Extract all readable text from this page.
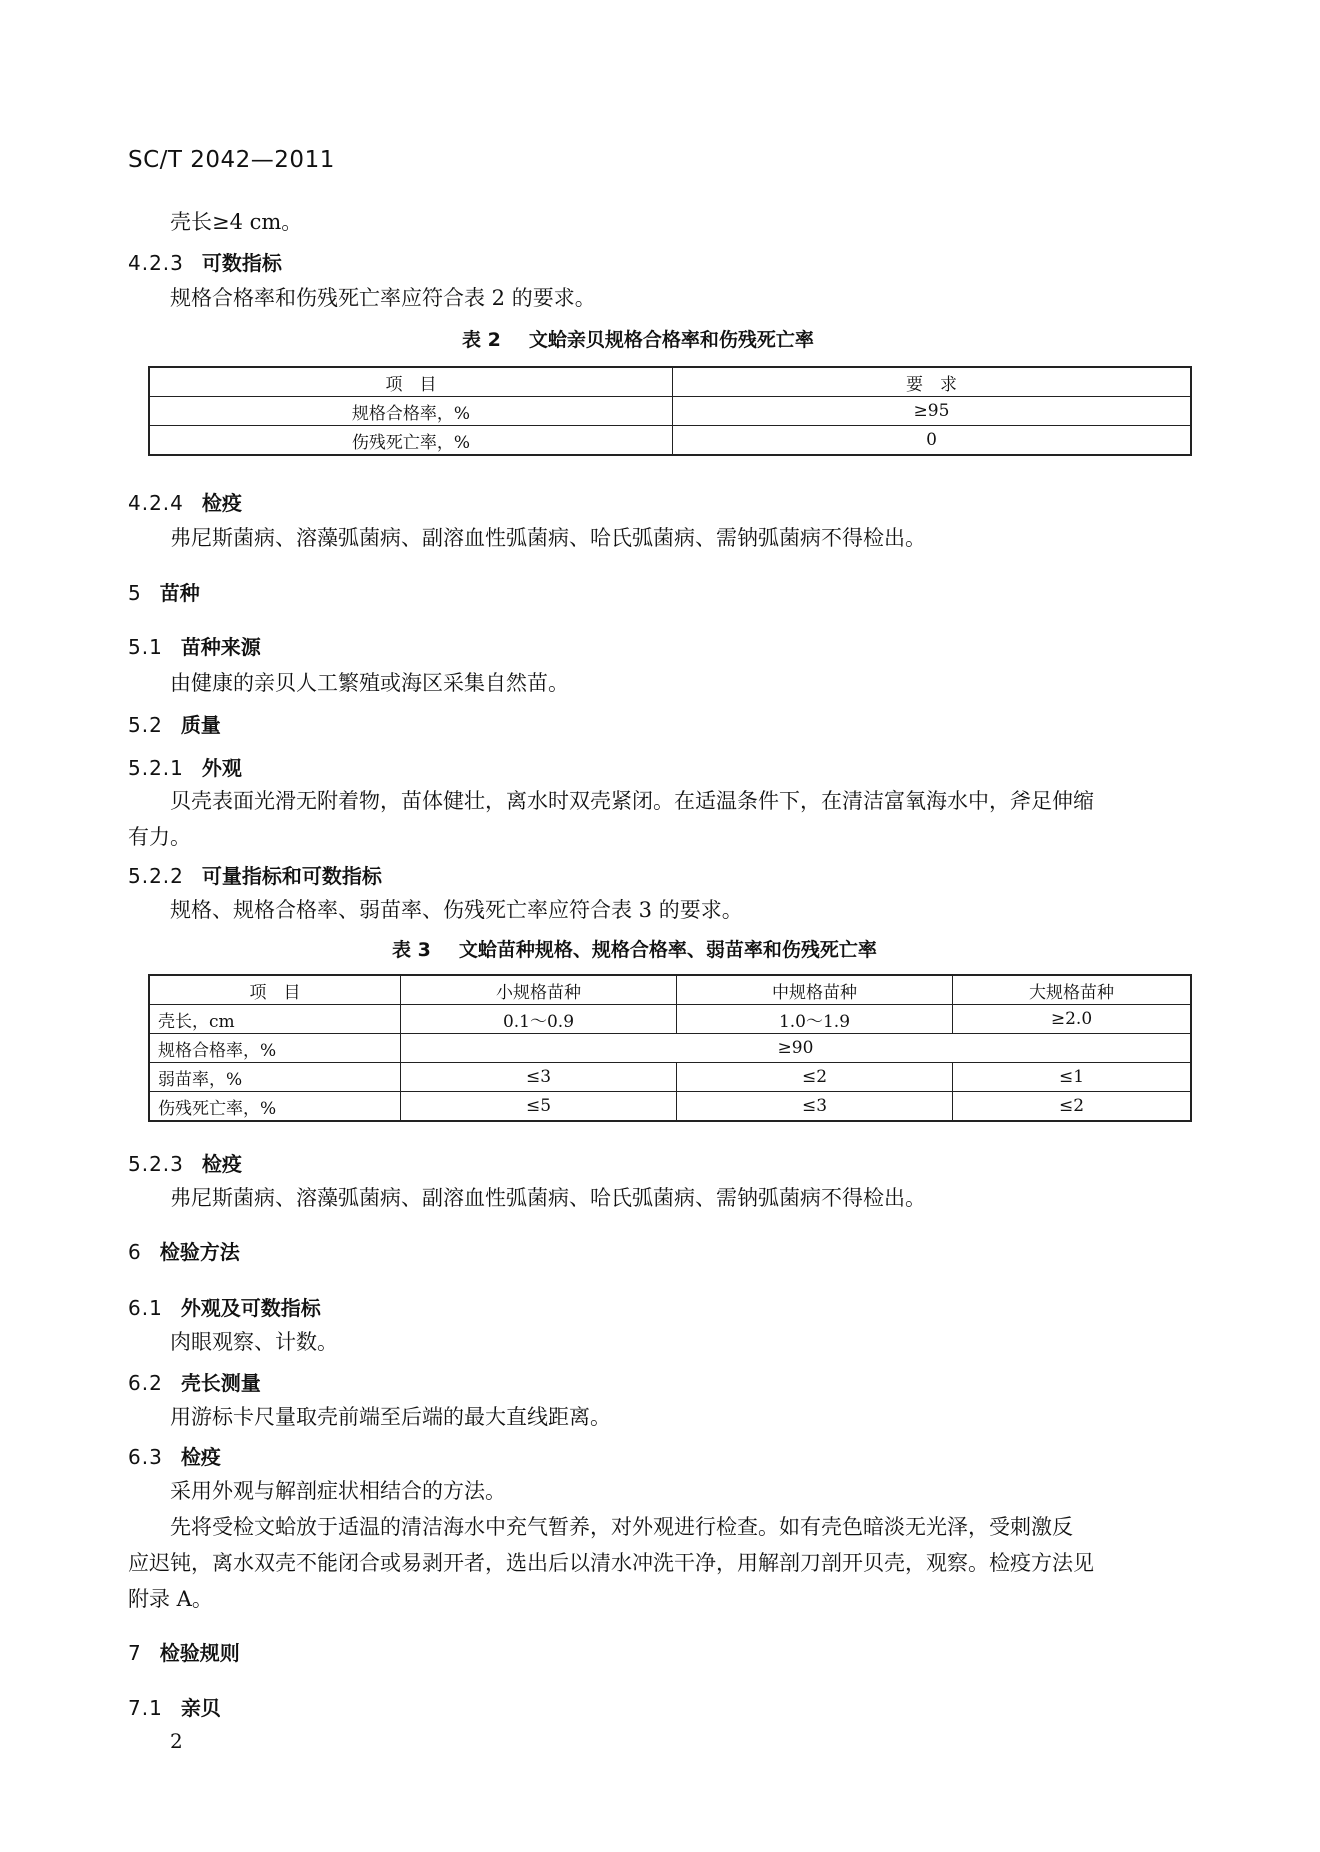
SC/T 2042—2011
壳长≥4 cm。
4.2.3 可数指标
规格合格率和伤残死亡率应符合表 2 的要求。
表 2 文蛤亲贝规格合格率和伤残死亡率
项　目	要　求
规格合格率，%	≥95
伤残死亡率，%	0
4.2.4 检疫
弗尼斯菌病、溶藻弧菌病、副溶血性弧菌病、哈氏弧菌病、需钠弧菌病不得检出。
5 苗种
5.1 苗种来源
由健康的亲贝人工繁殖或海区采集自然苗。
5.2 质量
5.2.1 外观
贝壳表面光滑无附着物，苗体健壮，离水时双壳紧闭。在适温条件下，在清洁富氧海水中，斧足伸缩
有力。
5.2.2 可量指标和可数指标
规格、规格合格率、弱苗率、伤残死亡率应符合表 3 的要求。
表 3 文蛤苗种规格、规格合格率、弱苗率和伤残死亡率
项　目	小规格苗种	中规格苗种	大规格苗种
壳长，cm	0.1～0.9	1.0～1.9	≥2.0
规格合格率，%	≥90		
弱苗率，%	≤3	≤2	≤1
伤残死亡率，%	≤5	≤3	≤2
5.2.3 检疫
弗尼斯菌病、溶藻弧菌病、副溶血性弧菌病、哈氏弧菌病、需钠弧菌病不得检出。
6 检验方法
6.1 外观及可数指标
肉眼观察、计数。
6.2 壳长测量
用游标卡尺量取壳前端至后端的最大直线距离。
6.3 检疫
采用外观与解剖症状相结合的方法。
先将受检文蛤放于适温的清洁海水中充气暂养，对外观进行检查。如有壳色暗淡无光泽，受刺激反
应迟钝，离水双壳不能闭合或易剥开者，选出后以清水冲洗干净，用解剖刀剖开贝壳，观察。检疫方法见
附录 A。
7 检验规则
7.1 亲贝
2
